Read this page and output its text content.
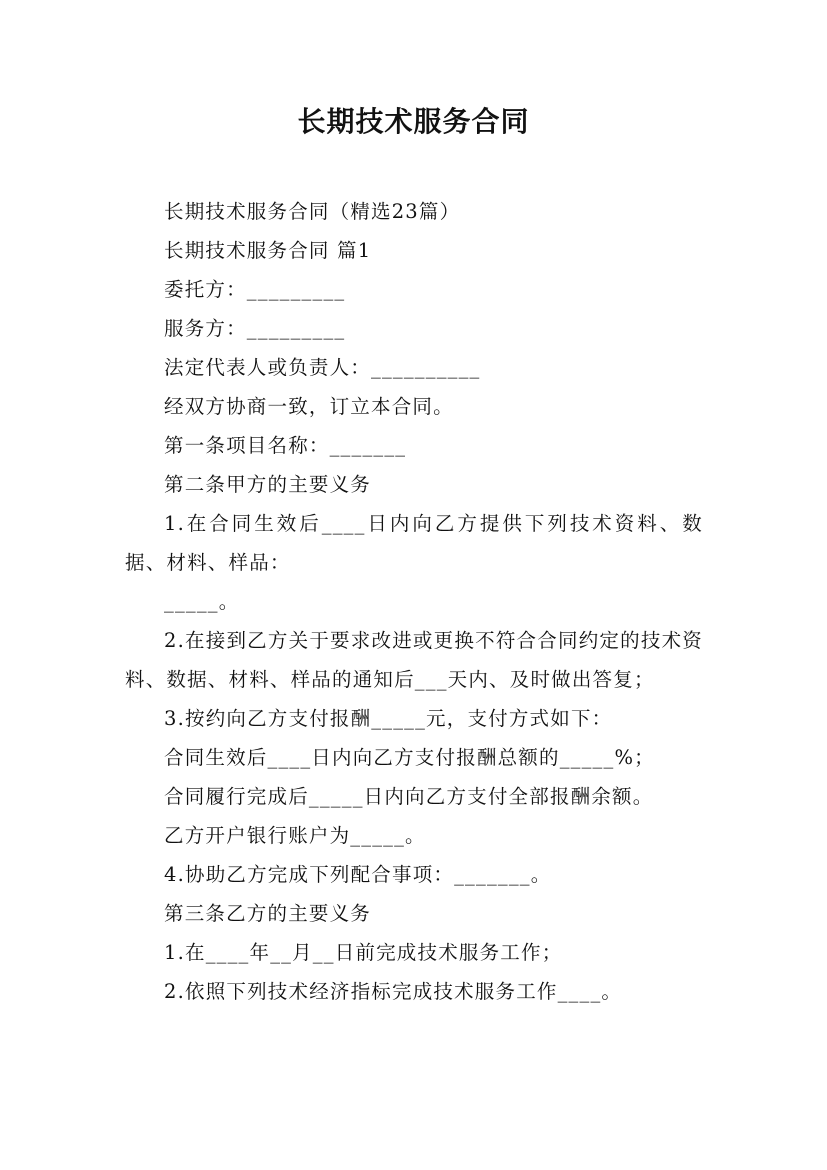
长期技术服务合同

长期技术服务合同（精选23篇）

长期技术服务合同 篇1

委托方：_________

服务方：_________

法定代表人或负责人：__________

经双方协商一致，订立本合同。

第一条项目名称：_______

第二条甲方的主要义务

1.在合同生效后____日内向乙方提供下列技术资料、数据、材料、样品：

_____。

2.在接到乙方关于要求改进或更换不符合合同约定的技术资料、数据、材料、样品的通知后___天内、及时做出答复；

3.按约向乙方支付报酬_____元，支付方式如下：

合同生效后____日内向乙方支付报酬总额的_____%；

合同履行完成后_____日内向乙方支付全部报酬余额。

乙方开户银行账户为_____。

4.协助乙方完成下列配合事项：_______。

第三条乙方的主要义务

1.在____年__月__日前完成技术服务工作；

2.依照下列技术经济指标完成技术服务工作____。
